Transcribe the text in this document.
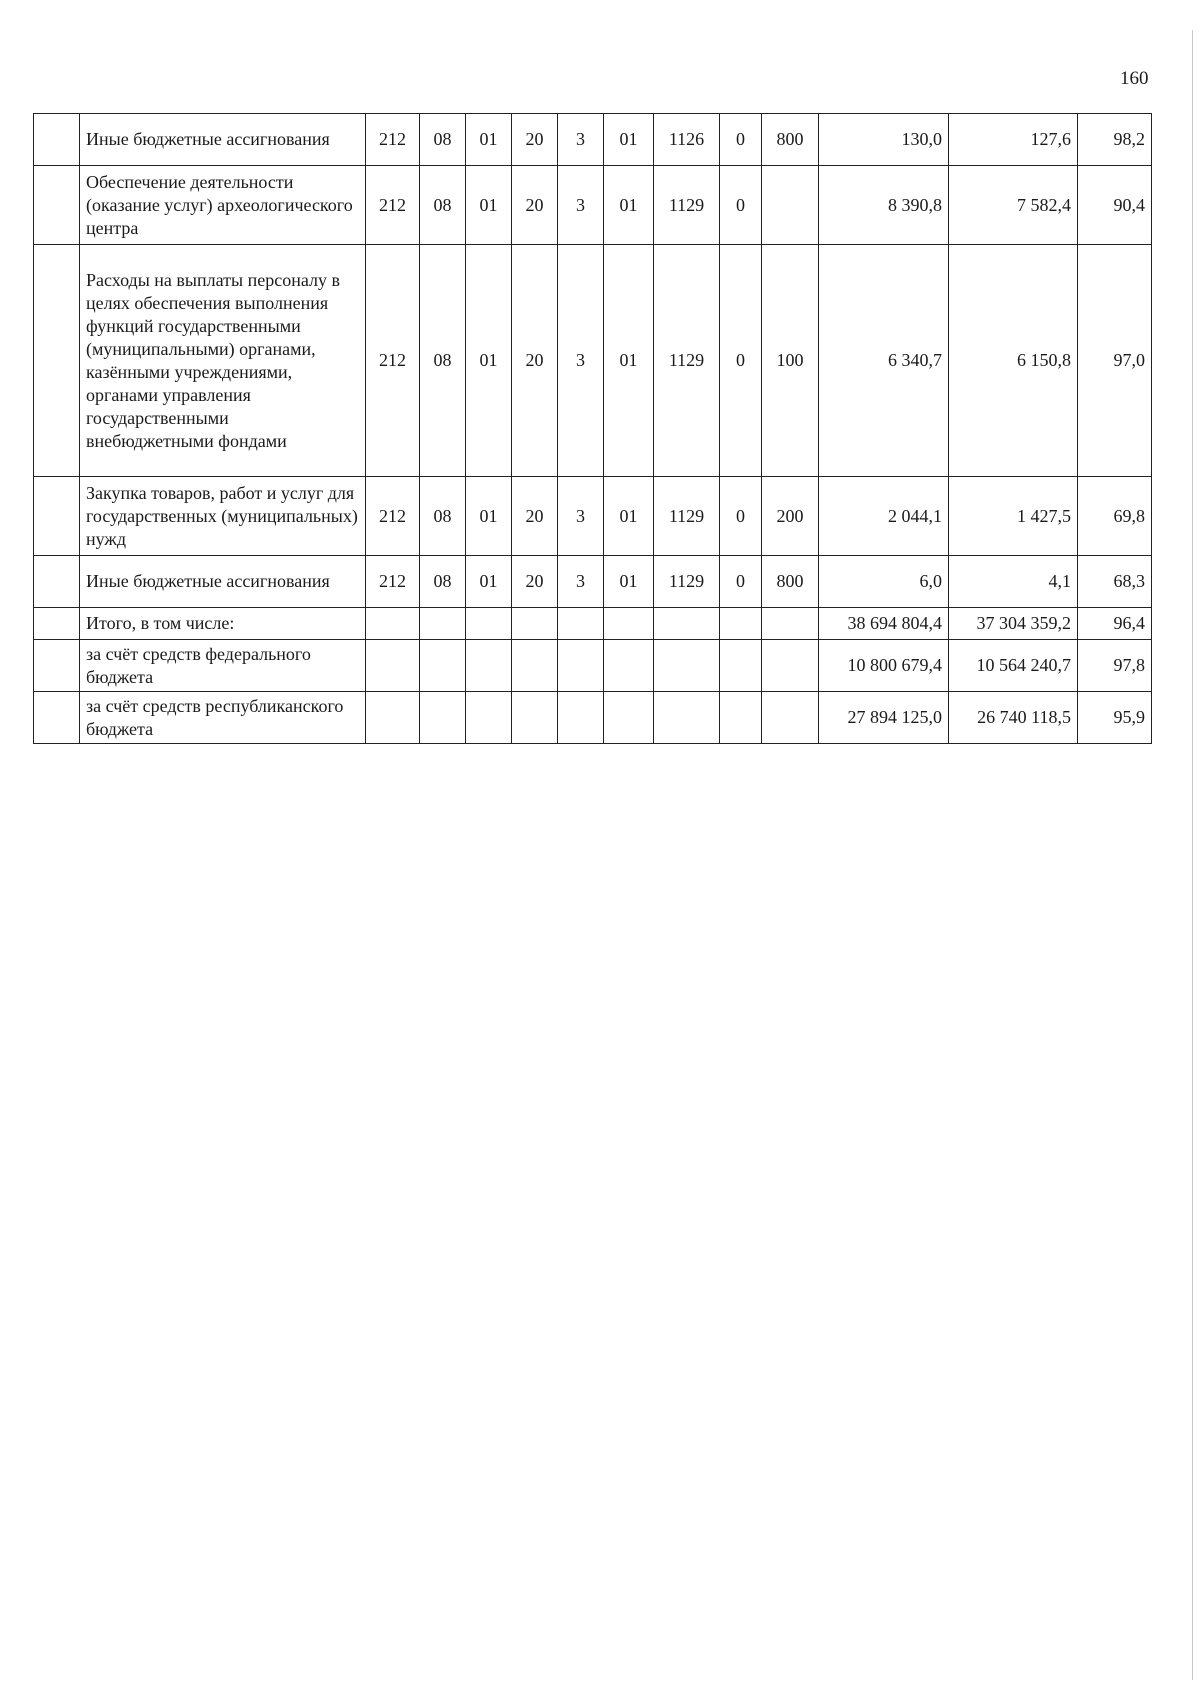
160
	Иные бюджетные ассигнования	212	08	01	20	3	01	1126	0	800	130,0	127,6	98,2
	Обеспечение деятельности (оказание услуг) археологического центра	212	08	01	20	3	01	1129	0		8 390,8	7 582,4	90,4
	Расходы на выплаты персоналу в целях обеспечения выполнения функций государственными (муниципальными) органами, казёнными учреждениями, органами управления государственными внебюджетными фондами	212	08	01	20	3	01	1129	0	100	6 340,7	6 150,8	97,0
	Закупка товаров, работ и услуг для государственных (муниципальных) нужд	212	08	01	20	3	01	1129	0	200	2 044,1	1 427,5	69,8
	Иные бюджетные ассигнования	212	08	01	20	3	01	1129	0	800	6,0	4,1	68,3
	Итого, в том числе:										38 694 804,4	37 304 359,2	96,4
	за счёт средств федерального бюджета										10 800 679,4	10 564 240,7	97,8
	за счёт средств республиканского бюджета										27 894 125,0	26 740 118,5	95,9
